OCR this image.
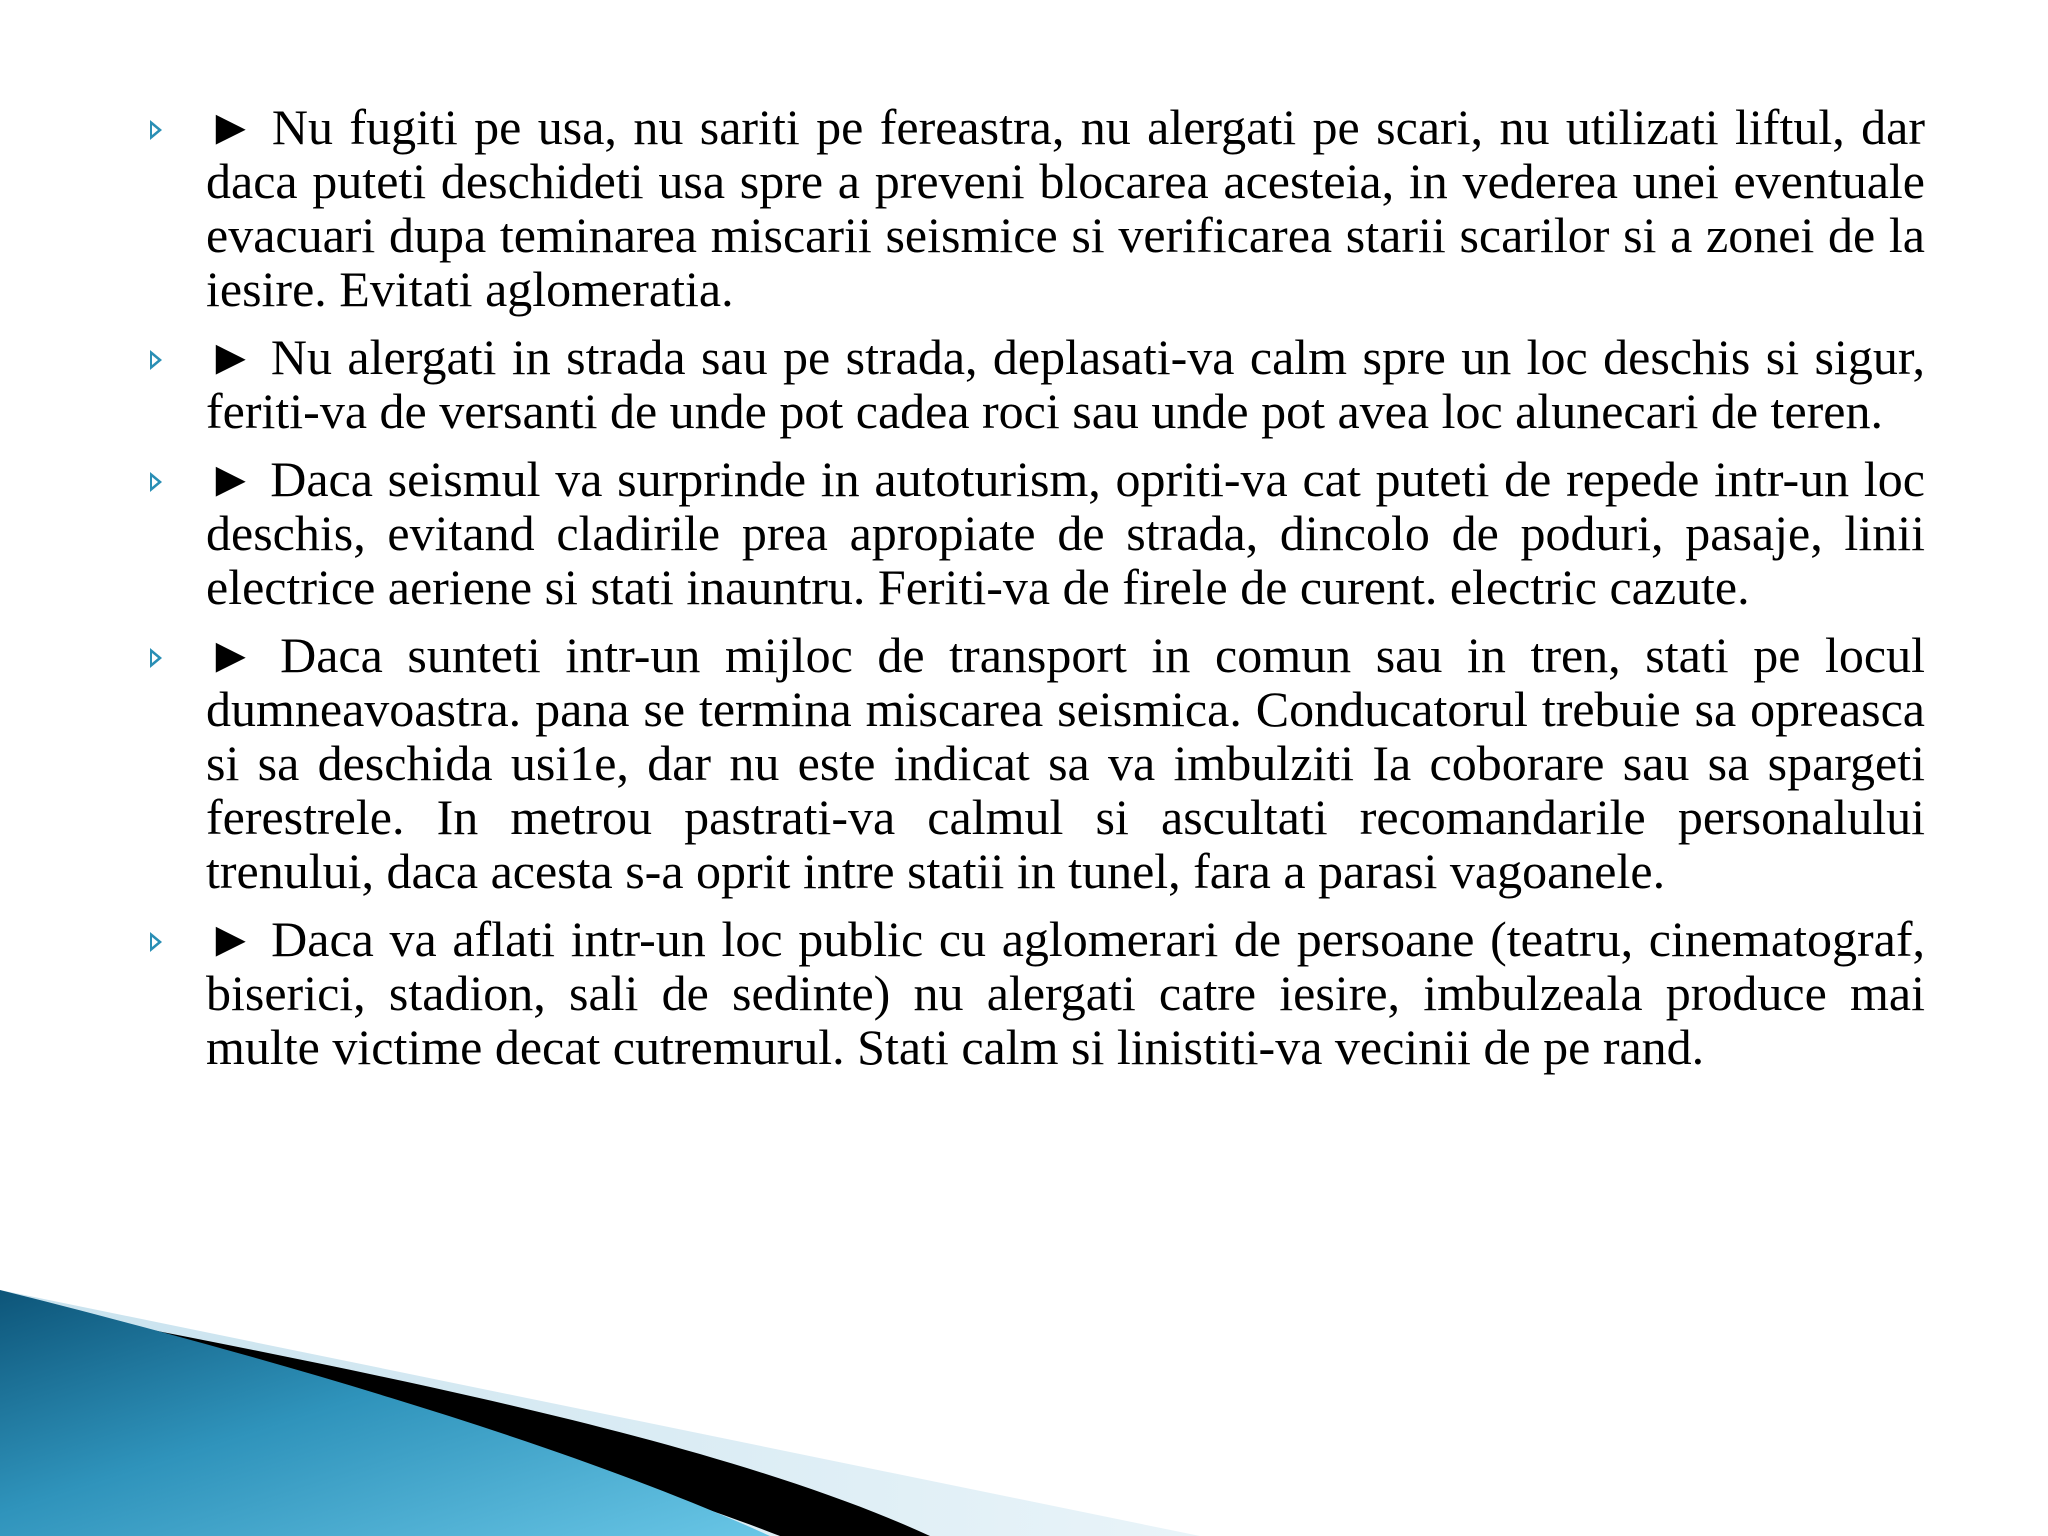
► Nu fugiti pe usa, nu sariti pe fereastra, nu alergati pe scari, nu utilizati liftul, dar daca puteti deschideti usa spre a preveni blocarea acesteia, in vederea unei eventuale evacuari dupa teminarea miscarii seismice si verificarea starii scarilor si a zonei de la iesire. Evitati aglomeratia.
► Nu alergati in strada sau pe strada, deplasati-va calm spre un loc deschis si sigur, feriti-va de versanti de unde pot cadea roci sau unde pot avea loc alunecari de teren.
► Daca seismul va surprinde in autoturism, opriti-va cat puteti de repede intr-un loc deschis, evitand cladirile prea apropiate de strada, dincolo de poduri, pasaje, linii electrice aeriene si stati inauntru. Feriti-va de firele de curent. electric cazute.
► Daca sunteti intr-un mijloc de transport in comun sau in tren, stati pe locul dumneavoastra. pana se termina miscarea seismica. Conducatorul trebuie sa opreasca si sa deschida usi1e, dar nu este indicat sa va imbulziti Ia coborare sau sa spargeti ferestrele. In metrou pastrati-va calmul si ascultati recomandarile personalului trenului, daca acesta s-a oprit intre statii in tunel, fara a parasi vagoanele.
► Daca va aflati intr-un loc public cu aglomerari de persoane (teatru, cinematograf, biserici, stadion, sali de sedinte) nu alergati catre iesire, imbulzeala produce mai multe victime decat cutremurul. Stati calm si linistiti-va vecinii de pe rand.
